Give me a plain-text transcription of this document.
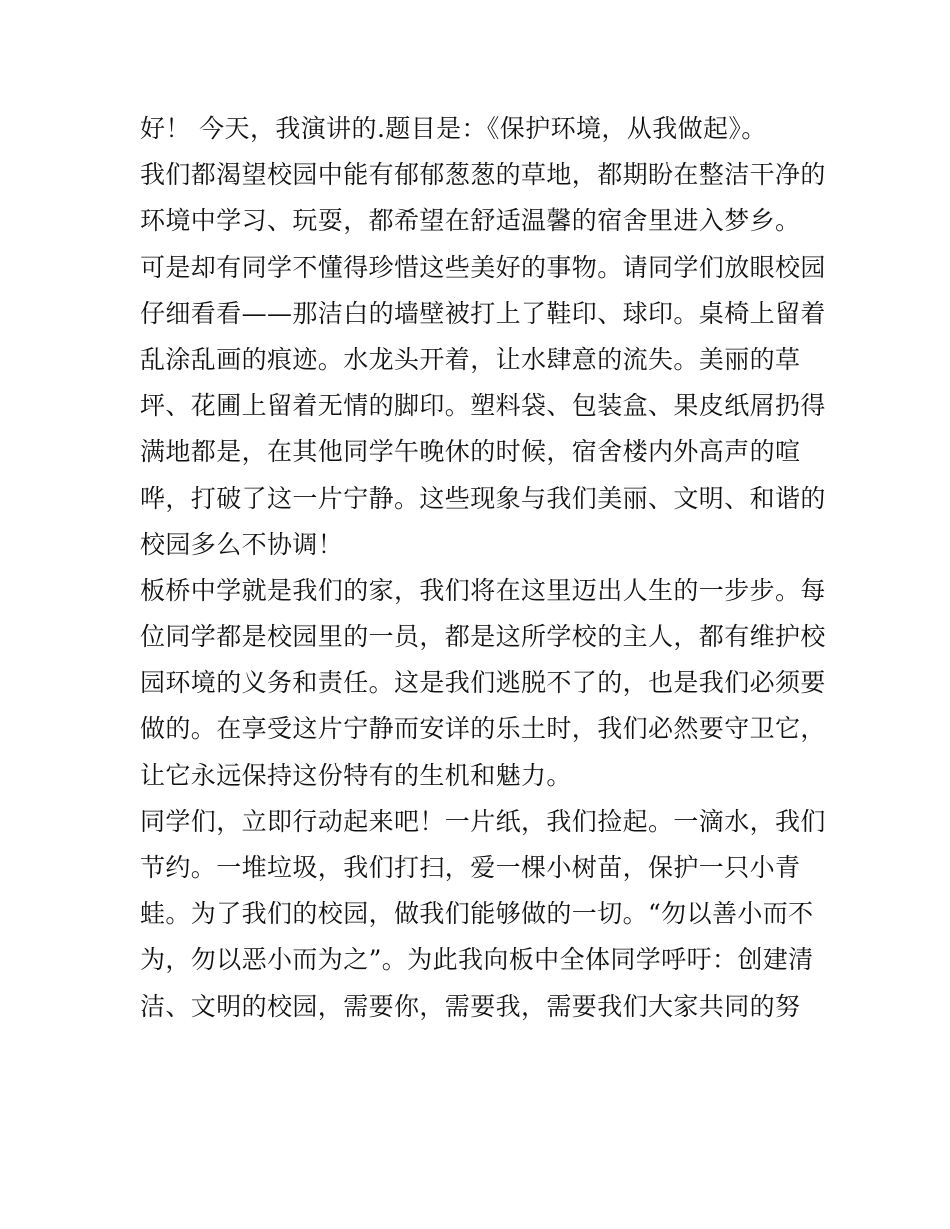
好！ 今天，我演讲的.题目是：《保护环境，从我做起》。
我们都渴望校园中能有郁郁葱葱的草地，都期盼在整洁干净的
环境中学习、玩耍，都希望在舒适温馨的宿舍里进入梦乡。
可是却有同学不懂得珍惜这些美好的事物。请同学们放眼校园
仔细看看——那洁白的墙壁被打上了鞋印、球印。桌椅上留着
乱涂乱画的痕迹。水龙头开着，让水肆意的流失。美丽的草
坪、花圃上留着无情的脚印。塑料袋、包装盒、果皮纸屑扔得
满地都是，在其他同学午晚休的时候，宿舍楼内外高声的喧
哗，打破了这一片宁静。这些现象与我们美丽、文明、和谐的
校园多么不协调！
板桥中学就是我们的家，我们将在这里迈出人生的一步步。每
位同学都是校园里的一员，都是这所学校的主人，都有维护校
园环境的义务和责任。这是我们逃脱不了的，也是我们必须要
做的。在享受这片宁静而安详的乐土时，我们必然要守卫它，
让它永远保持这份特有的生机和魅力。
同学们，立即行动起来吧！一片纸，我们捡起。一滴水，我们
节约。一堆垃圾，我们打扫，爱一棵小树苗，保护一只小青
蛙。为了我们的校园，做我们能够做的一切。“勿以善小而不
为，勿以恶小而为之”。为此我向板中全体同学呼吁：创建清
洁、文明的校园，需要你，需要我，需要我们大家共同的努
